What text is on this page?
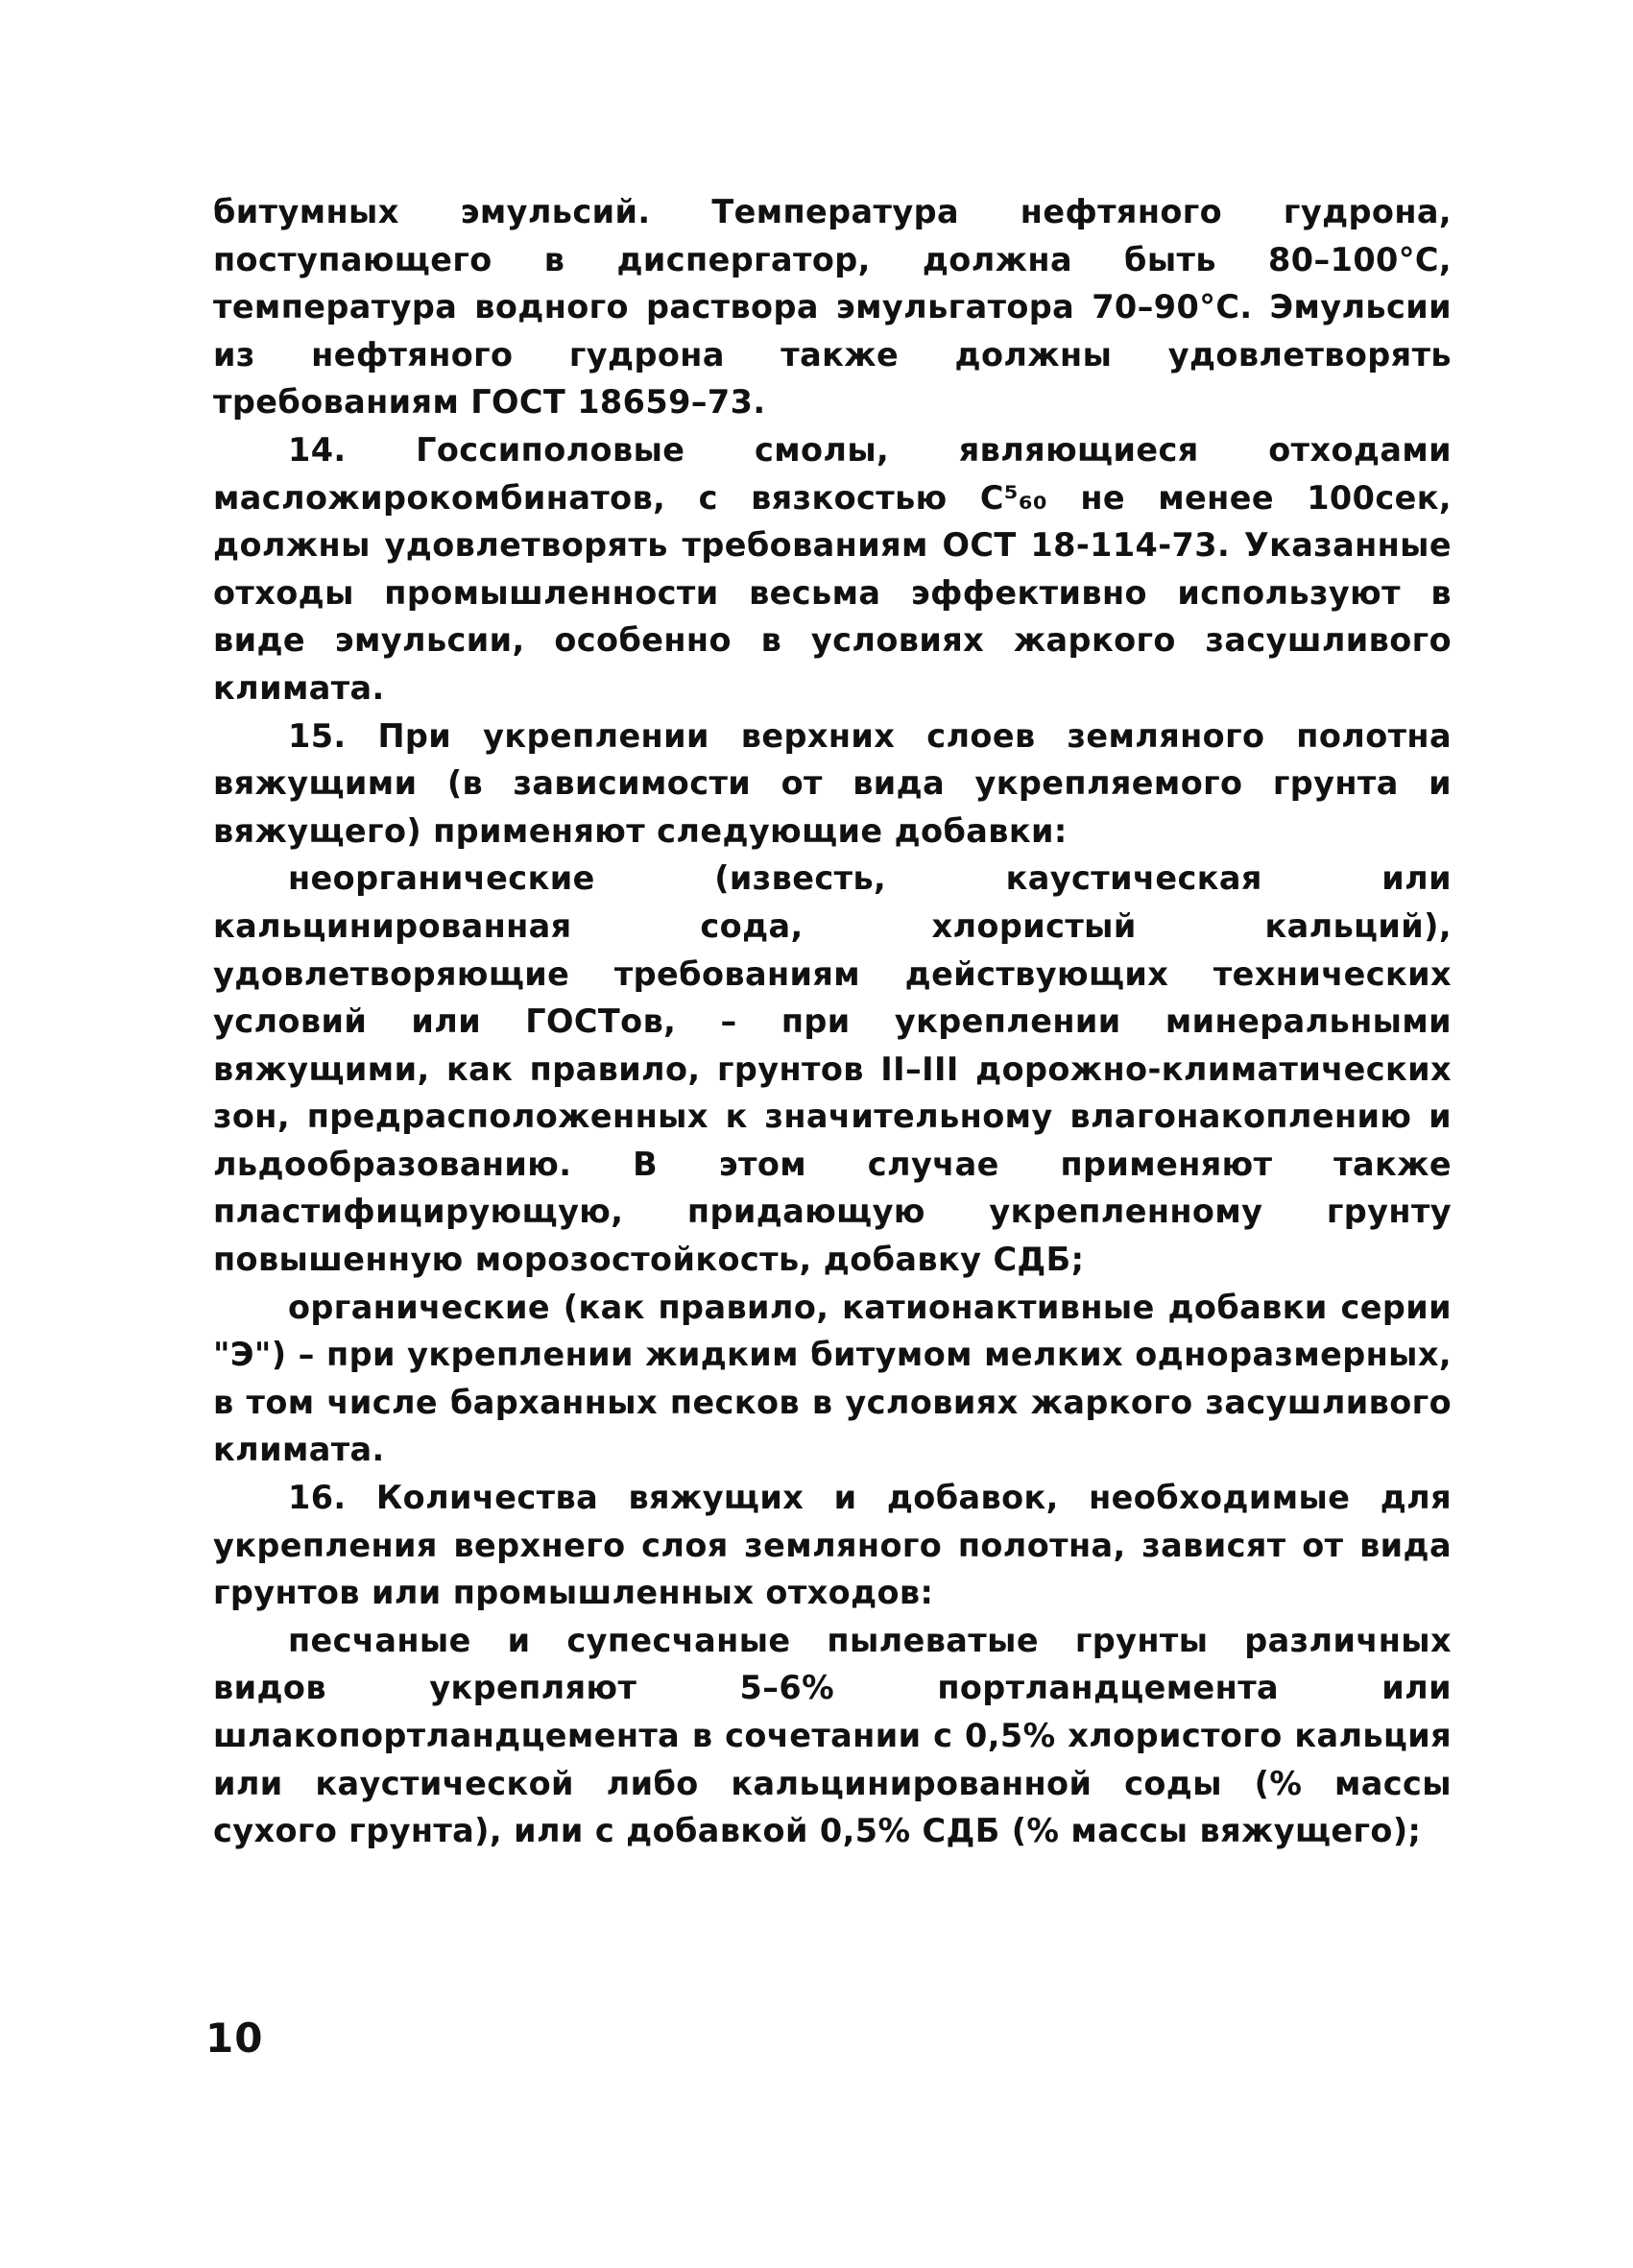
битумных эмульсий. Температура нефтяного гудрона, поступающего в диспергатор, должна быть 80–100°С, температура водного раствора эмульгатора 70–90°С. Эмульсии из нефтяного гудрона также должны удовлетворять требованиям ГОСТ 18659–73.

14. Госсиполовые смолы, являющиеся отходами масложирокомбинатов, с вязкостью С⁵₆₀ не менее 100сек, должны удовлетворять требованиям ОСТ 18-114-73. Указанные отходы промышленности весьма эффективно используют в виде эмульсии, особенно в условиях жаркого засушливого климата.

15. При укреплении верхних слоев земляного полотна вяжущими (в зависимости от вида укрепляемого грунта и вяжущего) применяют следующие добавки:

неорганические (известь, каустическая или кальцинированная сода, хлористый кальций), удовлетворяющие требованиям действующих технических условий или ГОСТов, – при укреплении минеральными вяжущими, как правило, грунтов II–III дорожно-климатических зон, предрасположенных к значительному влагонакоплению и льдообразованию. В этом случае применяют также пластифицирующую, придающую укрепленному грунту повышенную морозостойкость, добавку СДБ;

органические (как правило, катионактивные добавки серии "Э") – при укреплении жидким битумом мелких одноразмерных, в том числе барханных песков в условиях жаркого засушливого климата.

16. Количества вяжущих и добавок, необходимые для укрепления верхнего слоя земляного полотна, зависят от вида грунтов или промышленных отходов:

песчаные и супесчаные пылеватые грунты различных видов укрепляют 5–6% портландцемента или шлакопортландцемента в сочетании с 0,5% хлористого кальция или каустической либо кальцинированной соды (% массы сухого грунта), или с добавкой 0,5% СДБ (% массы вяжущего);

10
